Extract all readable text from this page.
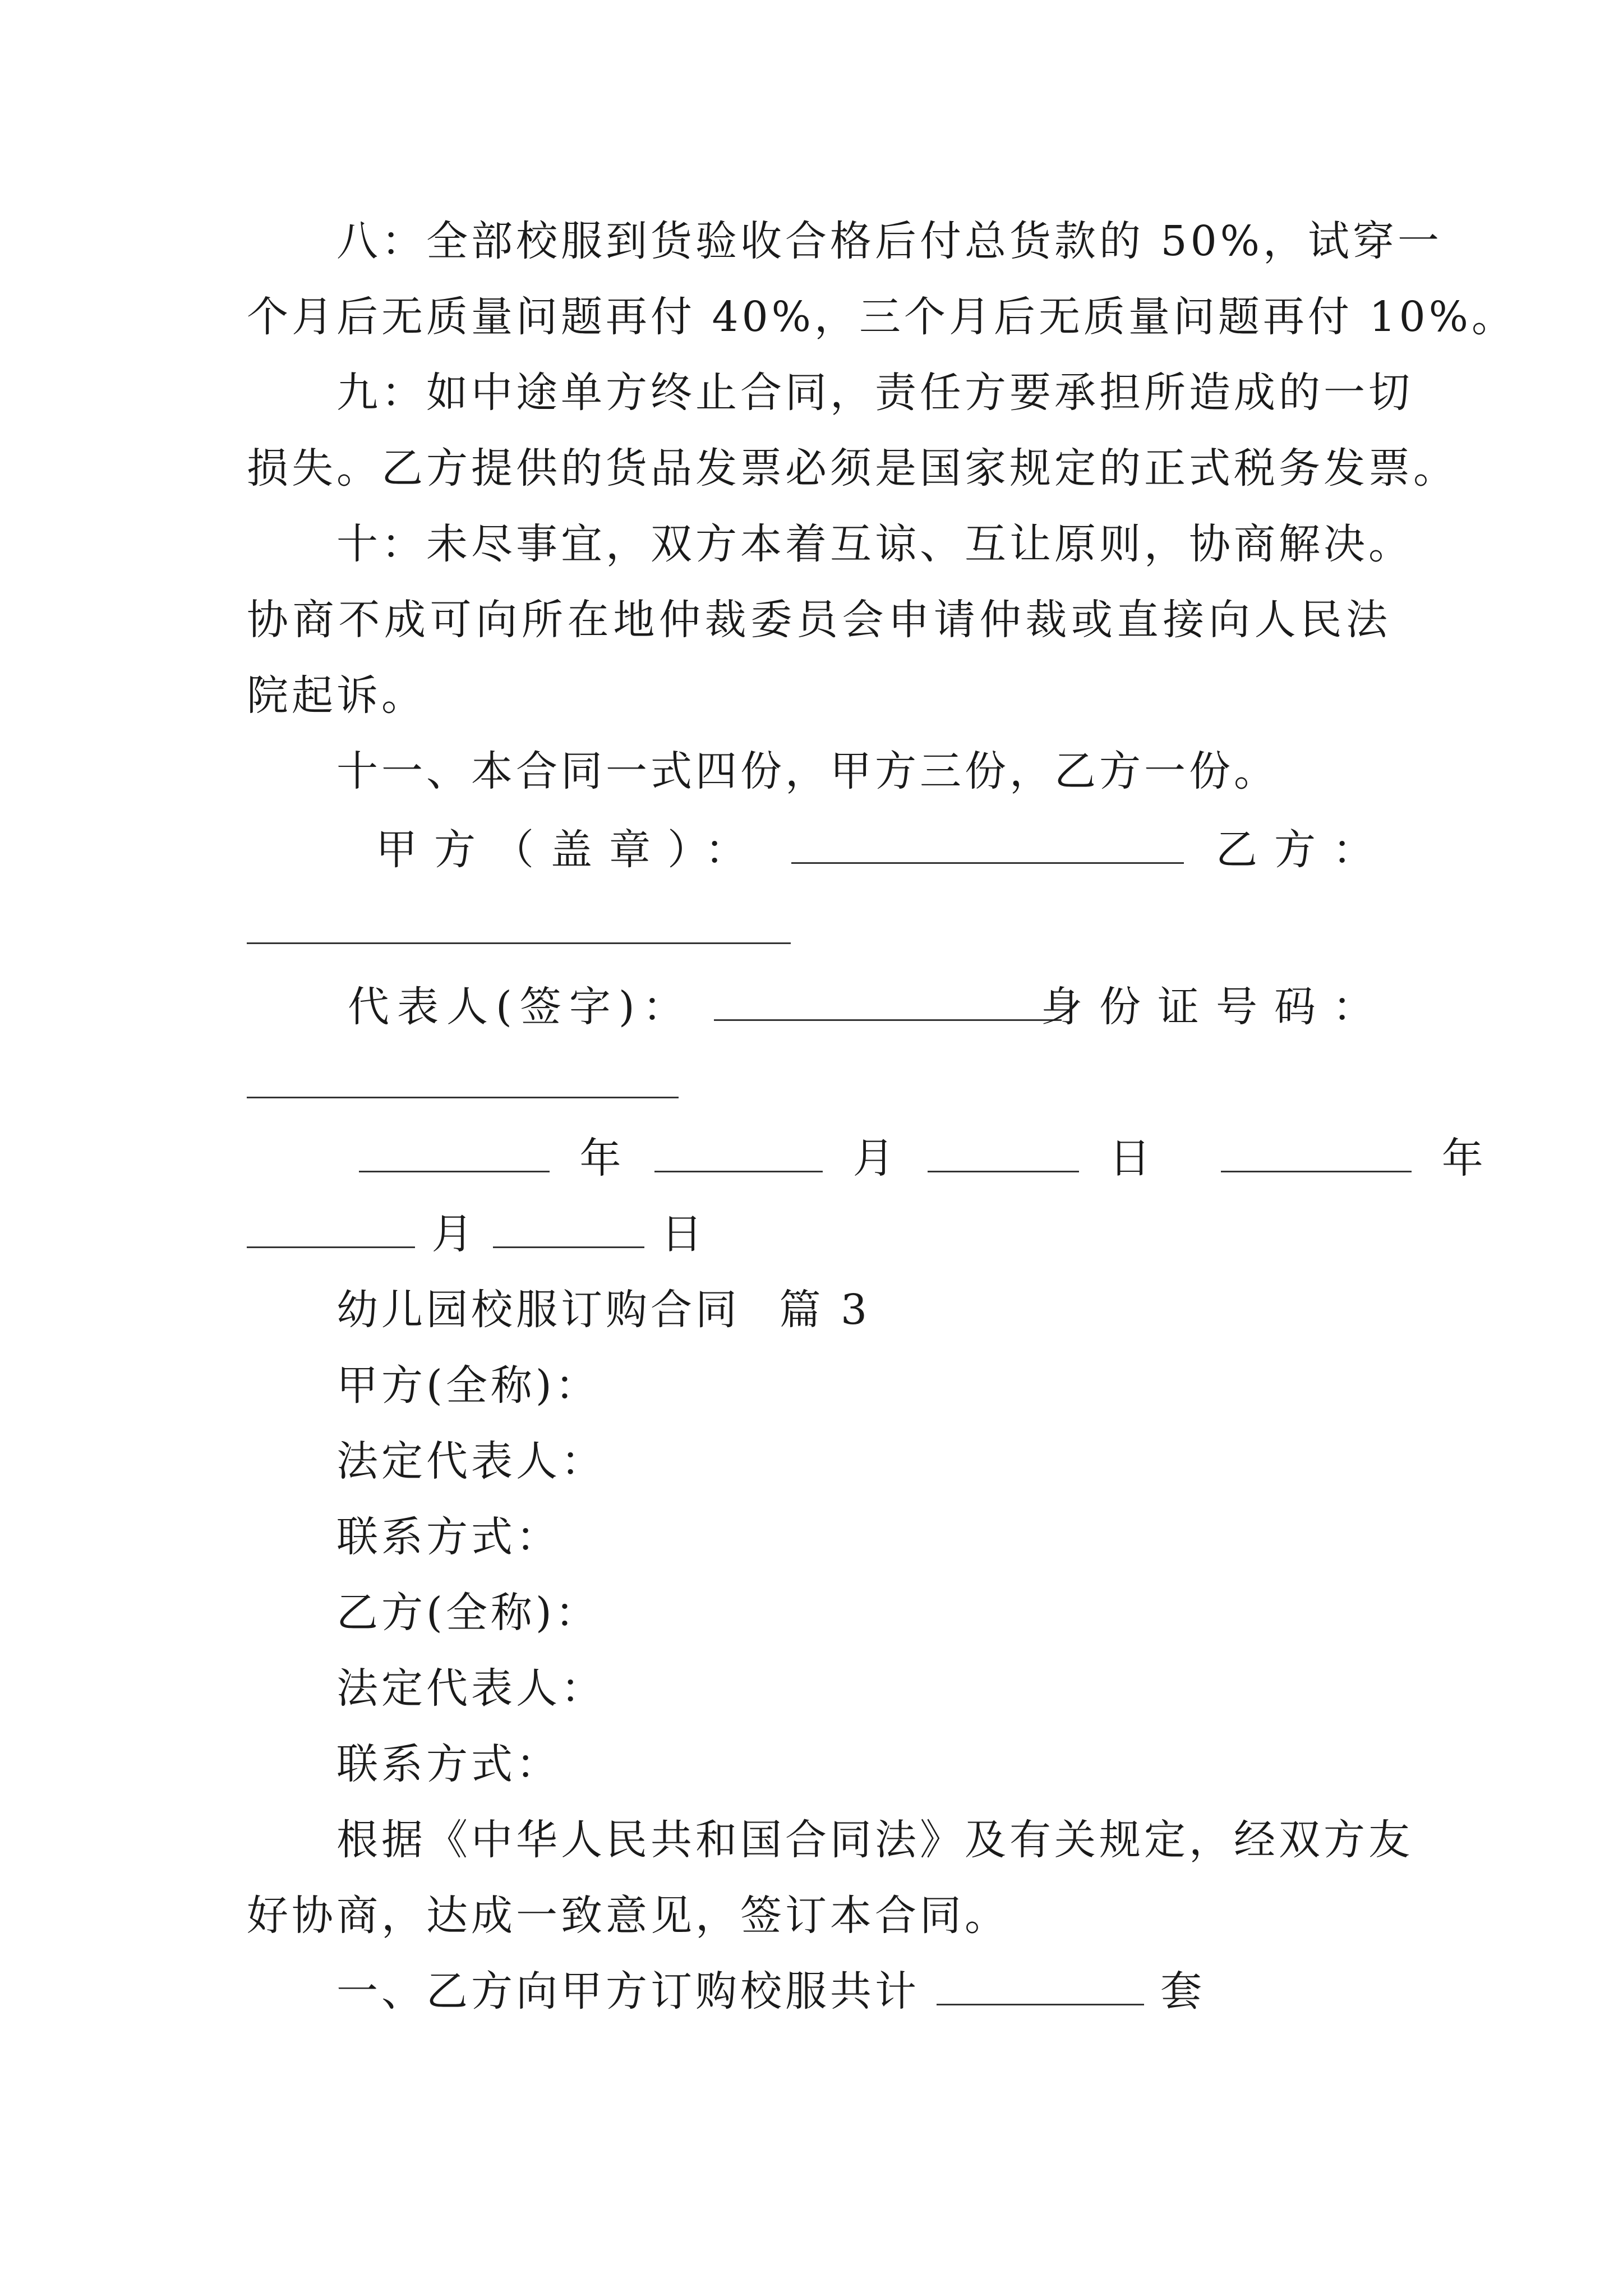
八：全部校服到货验收合格后付总货款的 50%，试穿一
个月后无质量问题再付 40%，三个月后无质量问题再付 10%。
九：如中途单方终止合同，责任方要承担所造成的一切
损失。乙方提供的货品发票必须是国家规定的正式税务发票。
十：未尽事宜，双方本着互谅、互让原则，协商解决。
协商不成可向所在地仲裁委员会申请仲裁或直接向人民法
院起诉。
十一、本合同一式四份，甲方三份，乙方一份。
甲方（盖章）：	乙方：
代表人(签字)：	身份证号码：
年	月	日	年
月	日
幼儿园校服订购合同 篇 3
甲方(全称)：
法定代表人：
联系方式：
乙方(全称)：
法定代表人：
联系方式：
根据《中华人民共和国合同法》及有关规定，经双方友
好协商，达成一致意见，签订本合同。
一、乙方向甲方订购校服共计	套
